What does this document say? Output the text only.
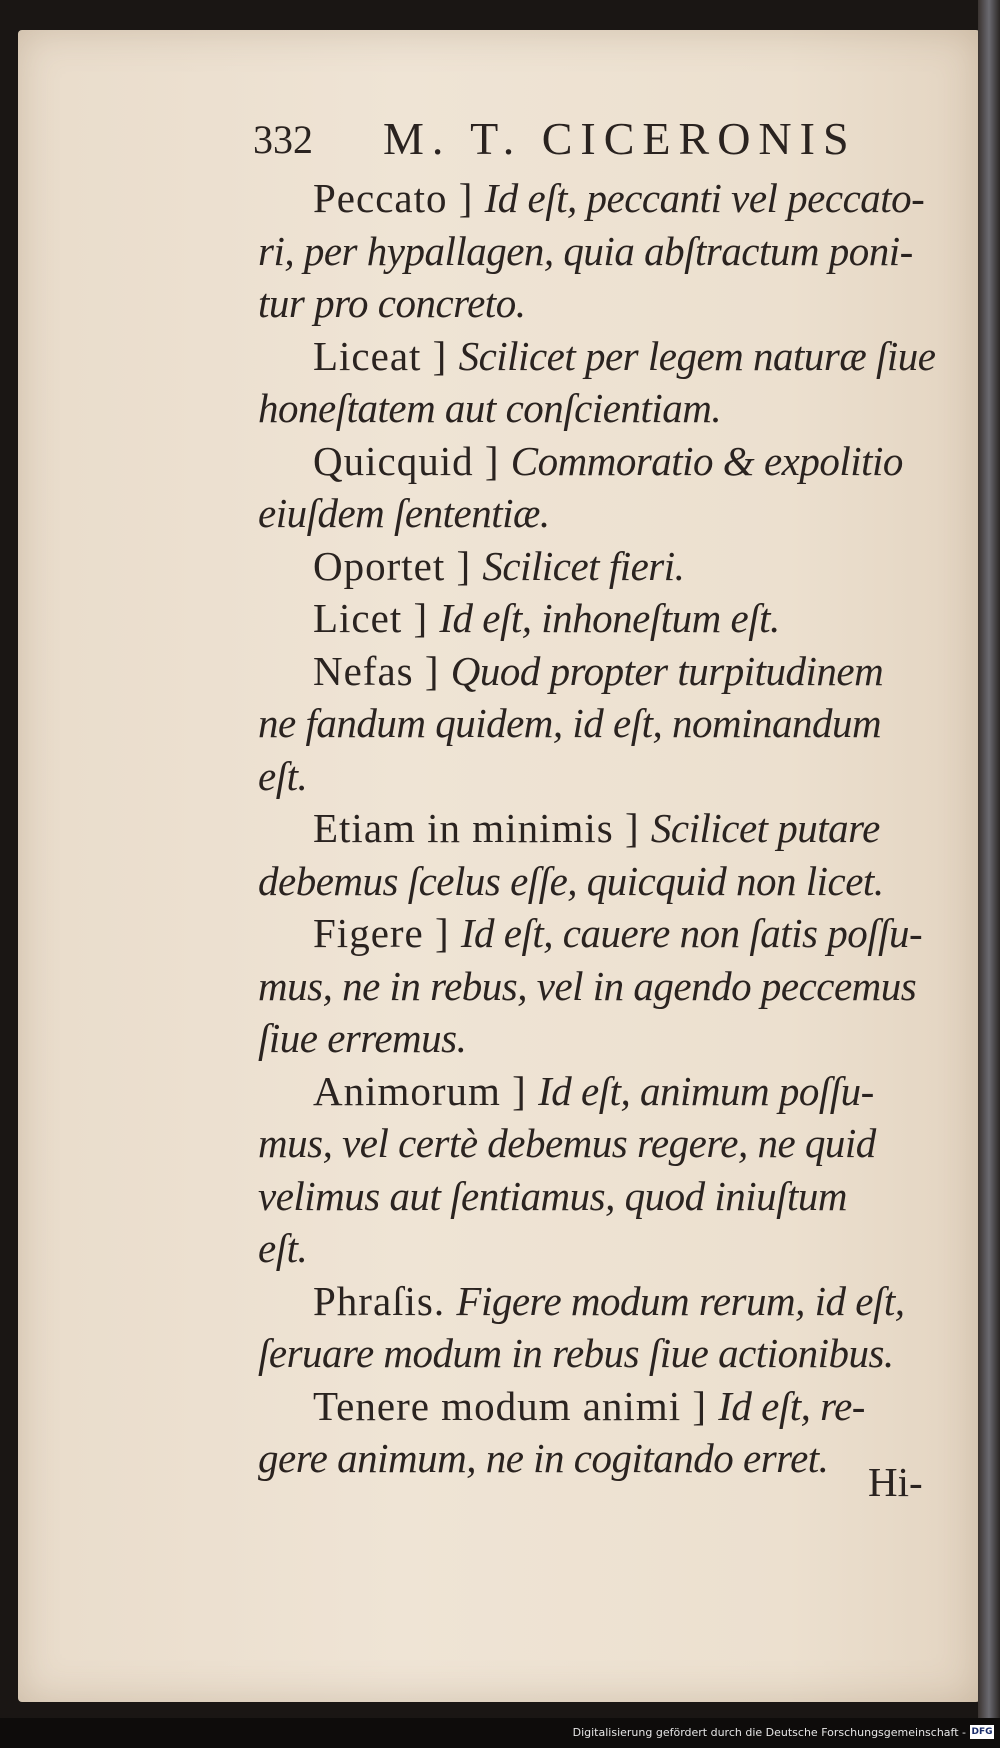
332 M. T. CICERONIS
Peccato ] Id eſt, peccanti vel peccato-
ri, per hypallagen, quia abſtractum poni-
tur pro concreto.
Liceat ] Scilicet per legem naturæ ſiue
honeſtatem aut conſcientiam.
Quicquid ] Commoratio & expolitio
eiuſdem ſententiæ.
Oportet ] Scilicet fieri.
Licet ] Id eſt, inhoneſtum eſt.
Nefas ] Quod propter turpitudinem
ne fandum quidem, id eſt, nominandum
eſt.
Etiam in minimis ] Scilicet putare
debemus ſcelus eſſe, quicquid non licet.
Figere ] Id eſt, cauere non ſatis poſſu-
mus, ne in rebus, vel in agendo peccemus
ſiue erremus.
Animorum ] Id eſt, animum poſſu-
mus, vel certè debemus regere, ne quid
velimus aut ſentiamus, quod iniuſtum
eſt.
Phraſis. Figere modum rerum, id eſt,
ſeruare modum in rebus ſiue actionibus.
Tenere modum animi ] Id eſt, re-
gere animum, ne in cogitando erret.
Hi-
Digitalisierung gefördert durch die Deutsche Forschungsgemeinschaft - DFG
